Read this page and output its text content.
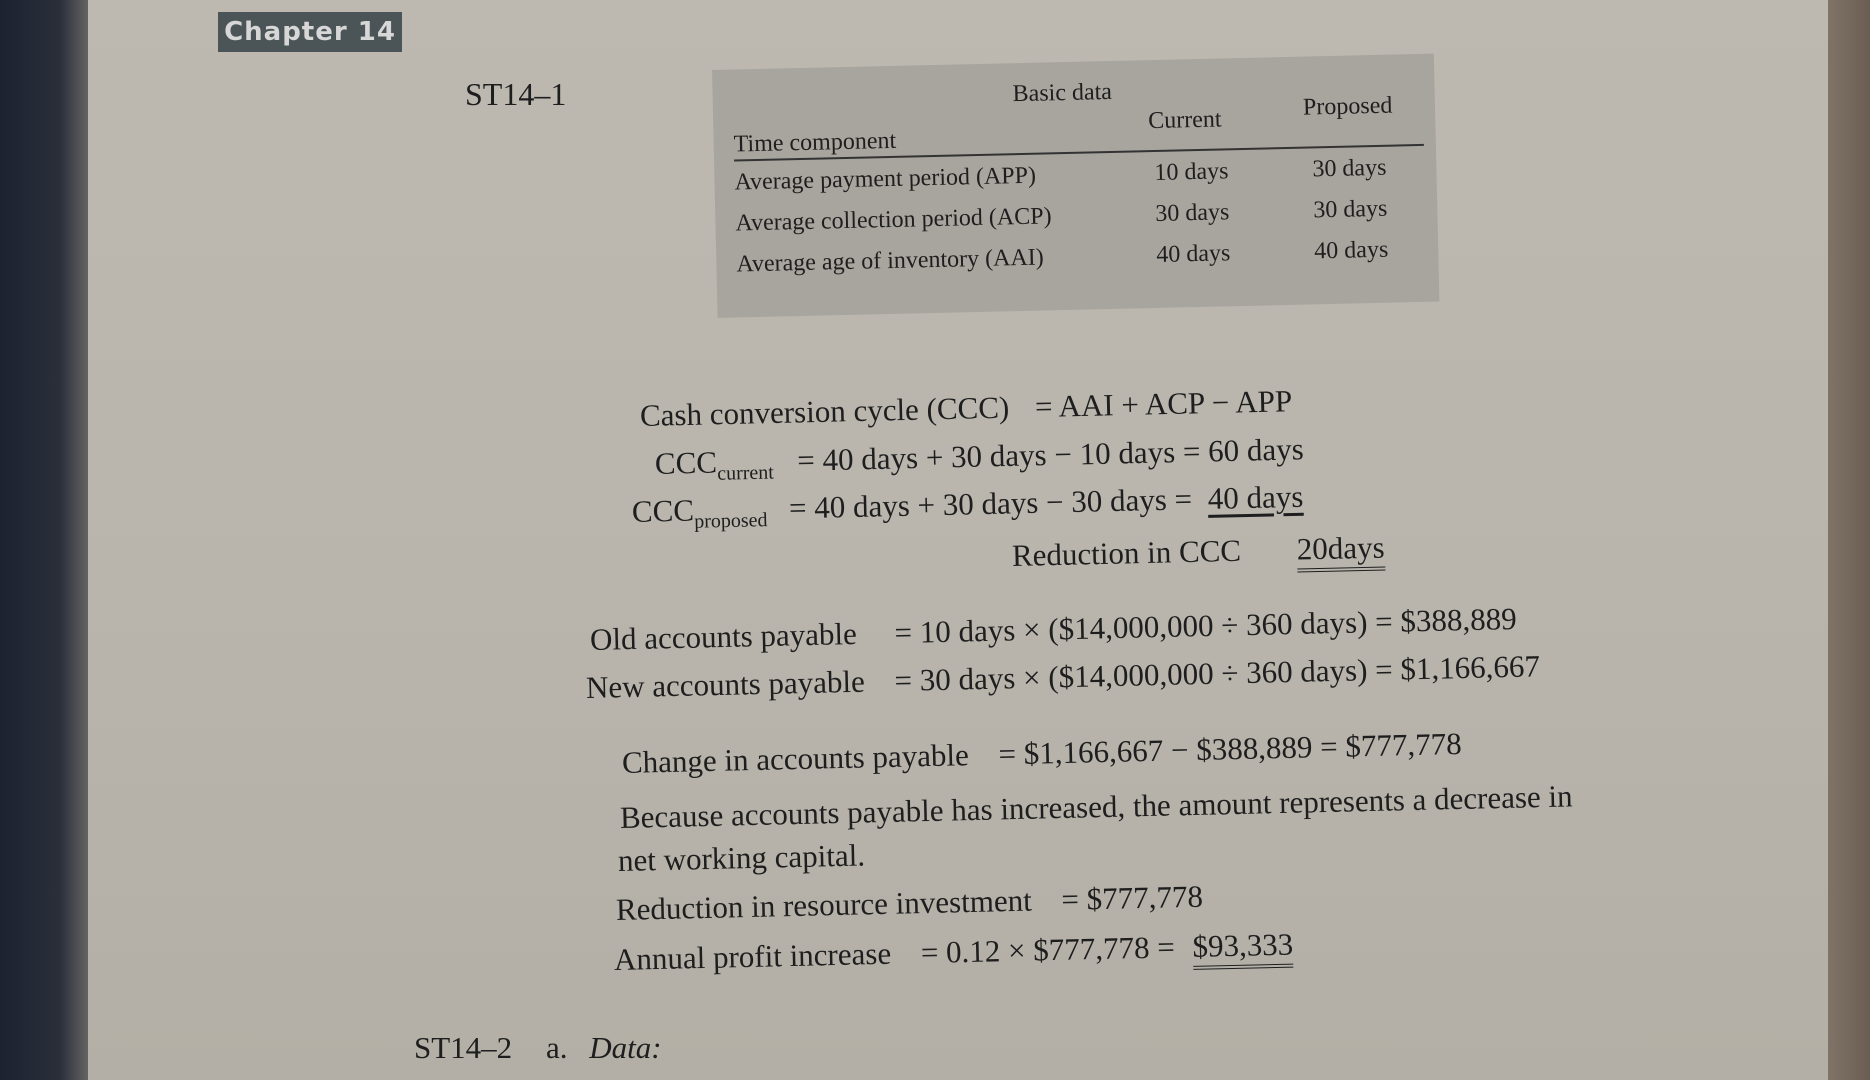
Chapter 14
ST14–1	Basic data
Time component
Current	Proposed
Average payment period (APP)	10 days	30 days
Average collection period (ACP)	30 days	30 days
Average age of inventory (AAI)	40 days	40 days
Cash conversion cycle (CCC) = AAI + ACP − APP
$CCC_{current} = 40$ days + 30 days − 10 days = 60 days
$CCC_{proposed} = 40$ days + 30 days − 30 days = 40 days
Reduction in CCC 20days
Old accounts payable = 10 days × ($14,000,000 ÷ 360 days) = $388,889
New accounts payable = 30 days × ($14,000,000 ÷ 360 days) = $1,166,667
Change in accounts payable = $1,166,667 − $388,889 = $777,778
Because accounts payable has increased, the amount represents a decrease in
net working capital.
Reduction in resource investment = $777,778
Annual profit increase = 0.12 × $777,778 = $93,333
ST14–2 a. Data:
